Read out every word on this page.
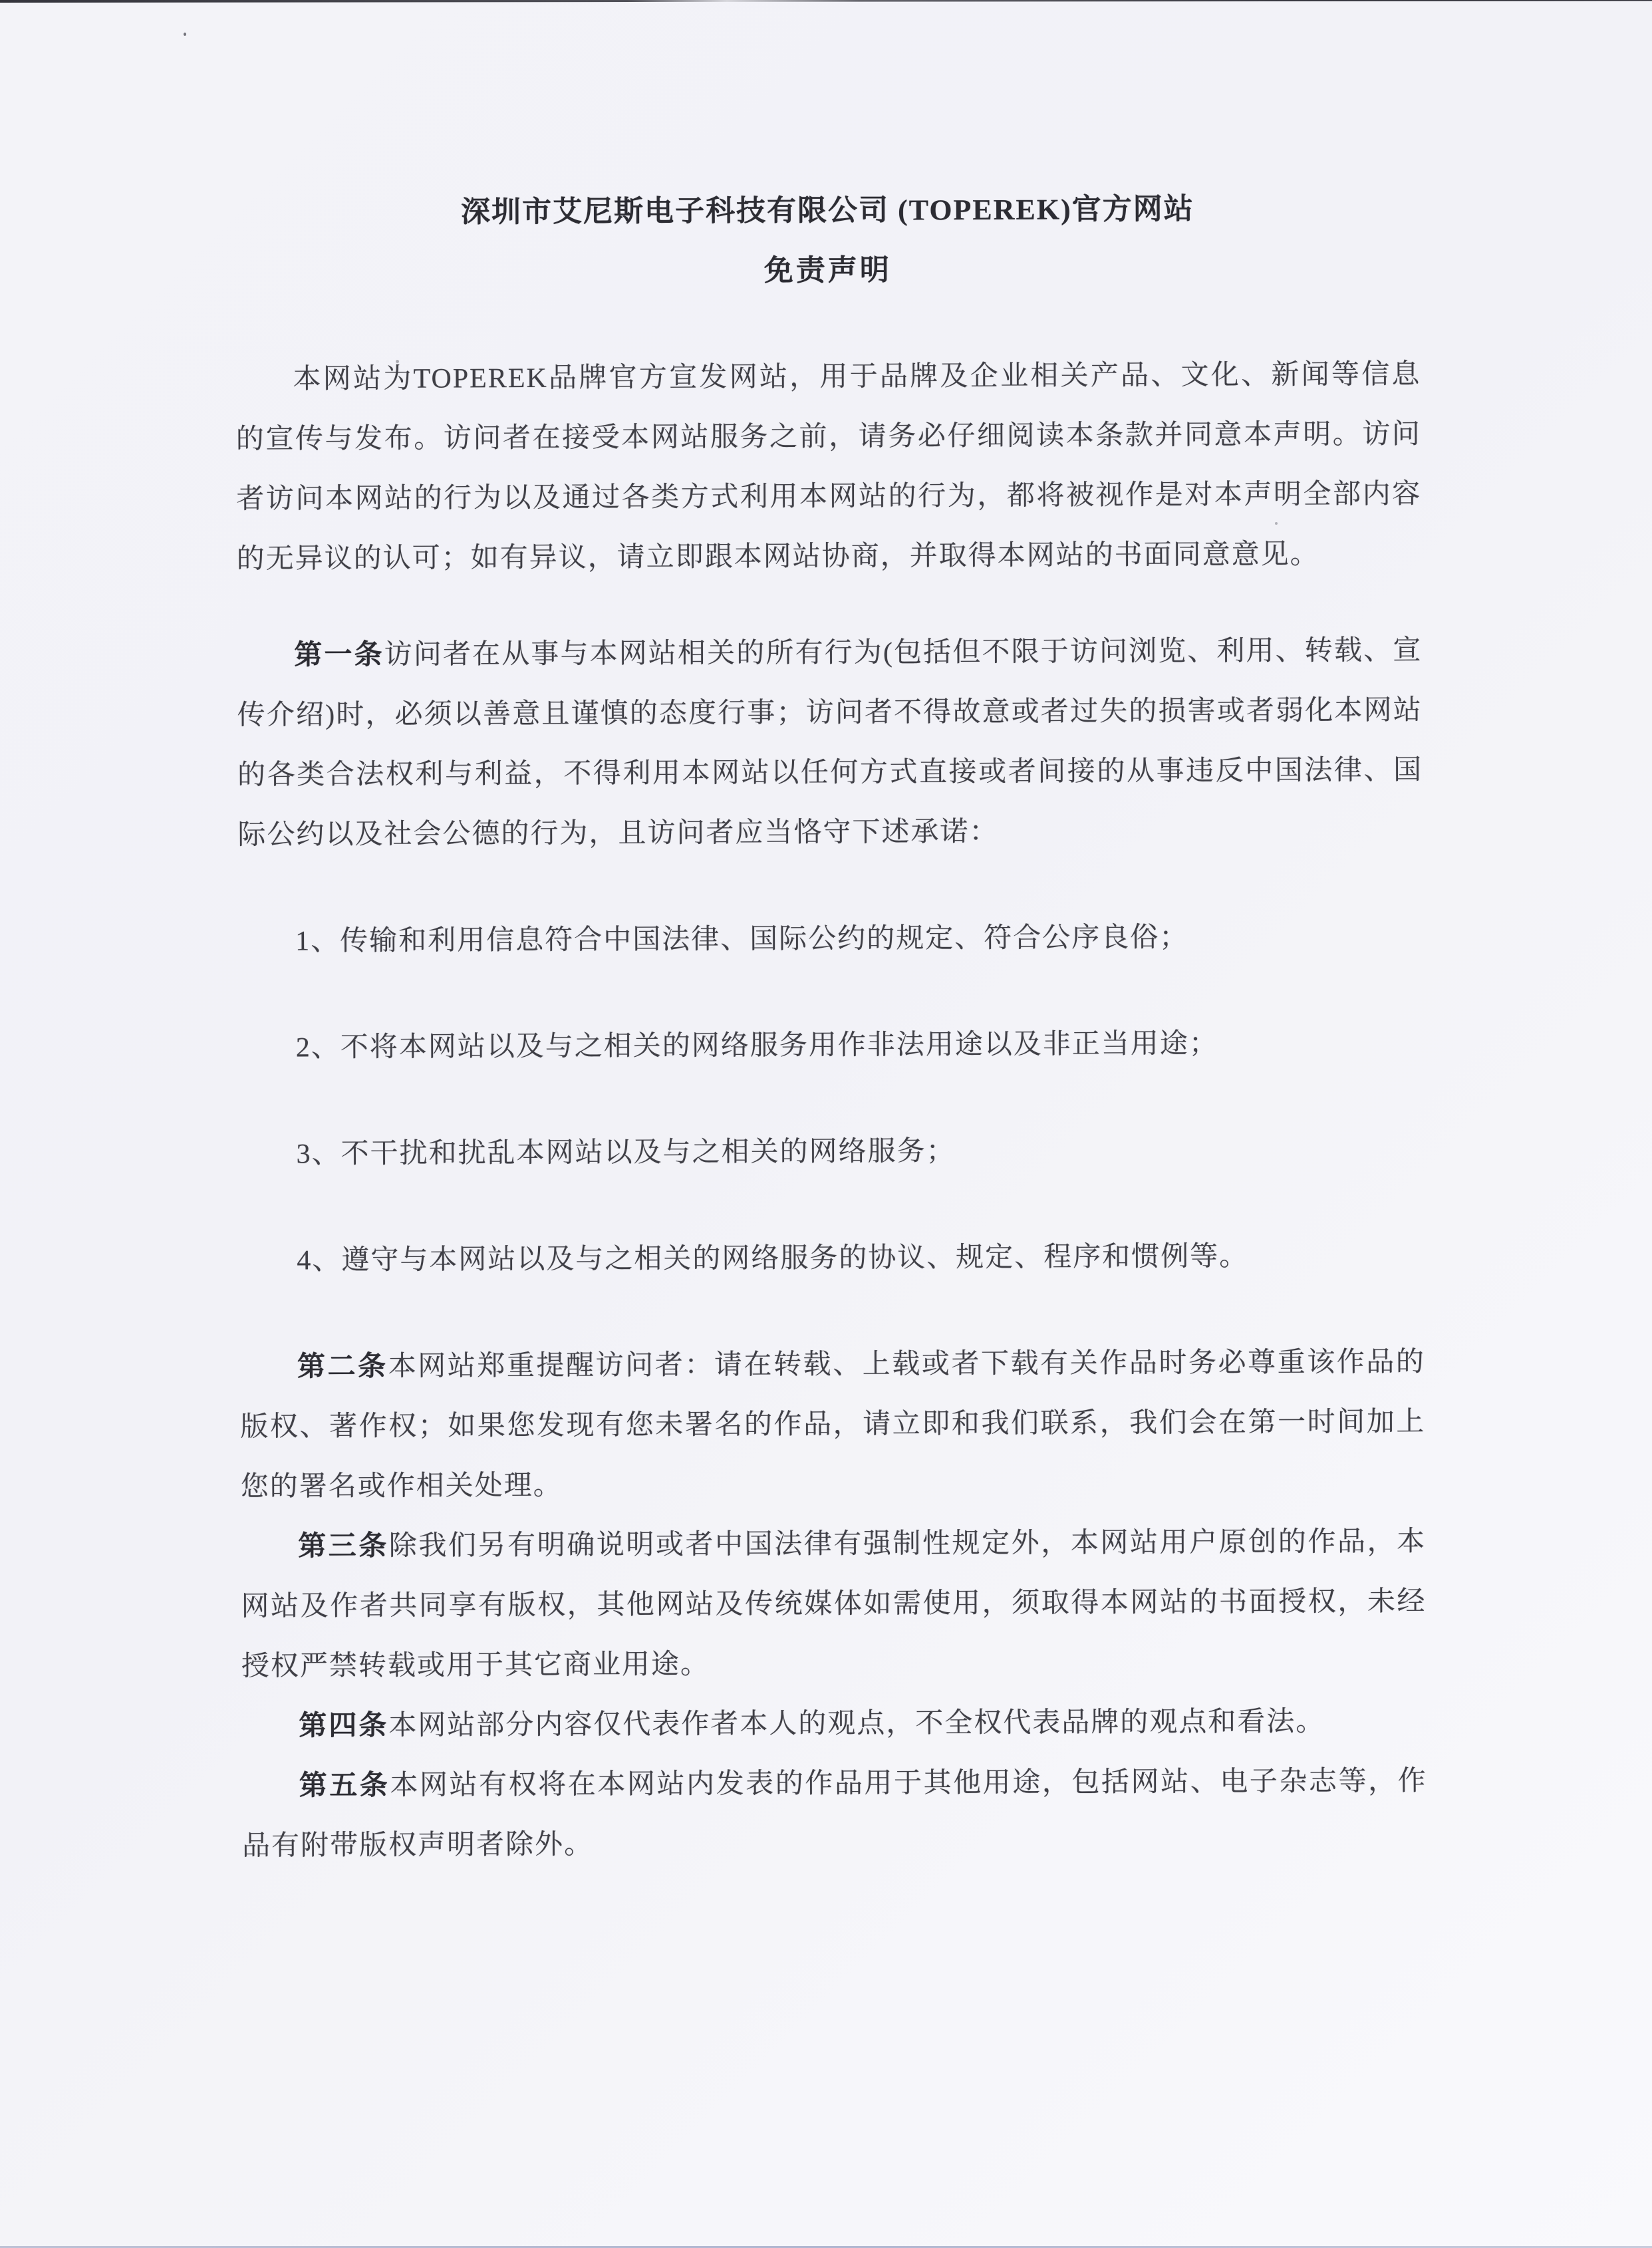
深圳市艾尼斯电子科技有限公司 (TOPEREK)官方网站
免责声明

本网站为TOPEREK品牌官方宣发网站，用于品牌及企业相关产品、文化、新闻等信息的宣传与发布。访问者在接受本网站服务之前，请务必仔细阅读本条款并同意本声明。访问者访问本网站的行为以及通过各类方式利用本网站的行为，都将被视作是对本声明全部内容的无异议的认可；如有异议，请立即跟本网站协商，并取得本网站的书面同意意见。

第一条访问者在从事与本网站相关的所有行为(包括但不限于访问浏览、利用、转载、宣传介绍)时，必须以善意且谨慎的态度行事；访问者不得故意或者过失的损害或者弱化本网站的各类合法权利与利益，不得利用本网站以任何方式直接或者间接的从事违反中国法律、国际公约以及社会公德的行为，且访问者应当恪守下述承诺：

1、传输和利用信息符合中国法律、国际公约的规定、符合公序良俗；

2、不将本网站以及与之相关的网络服务用作非法用途以及非正当用途；

3、不干扰和扰乱本网站以及与之相关的网络服务；

4、遵守与本网站以及与之相关的网络服务的协议、规定、程序和惯例等。

第二条本网站郑重提醒访问者：请在转载、上载或者下载有关作品时务必尊重该作品的版权、著作权；如果您发现有您未署名的作品，请立即和我们联系，我们会在第一时间加上您的署名或作相关处理。

第三条除我们另有明确说明或者中国法律有强制性规定外，本网站用户原创的作品，本网站及作者共同享有版权，其他网站及传统媒体如需使用，须取得本网站的书面授权，未经授权严禁转载或用于其它商业用途。

第四条本网站部分内容仅代表作者本人的观点，不全权代表品牌的观点和看法。

第五条本网站有权将在本网站内发表的作品用于其他用途，包括网站、电子杂志等，作品有附带版权声明者除外。
